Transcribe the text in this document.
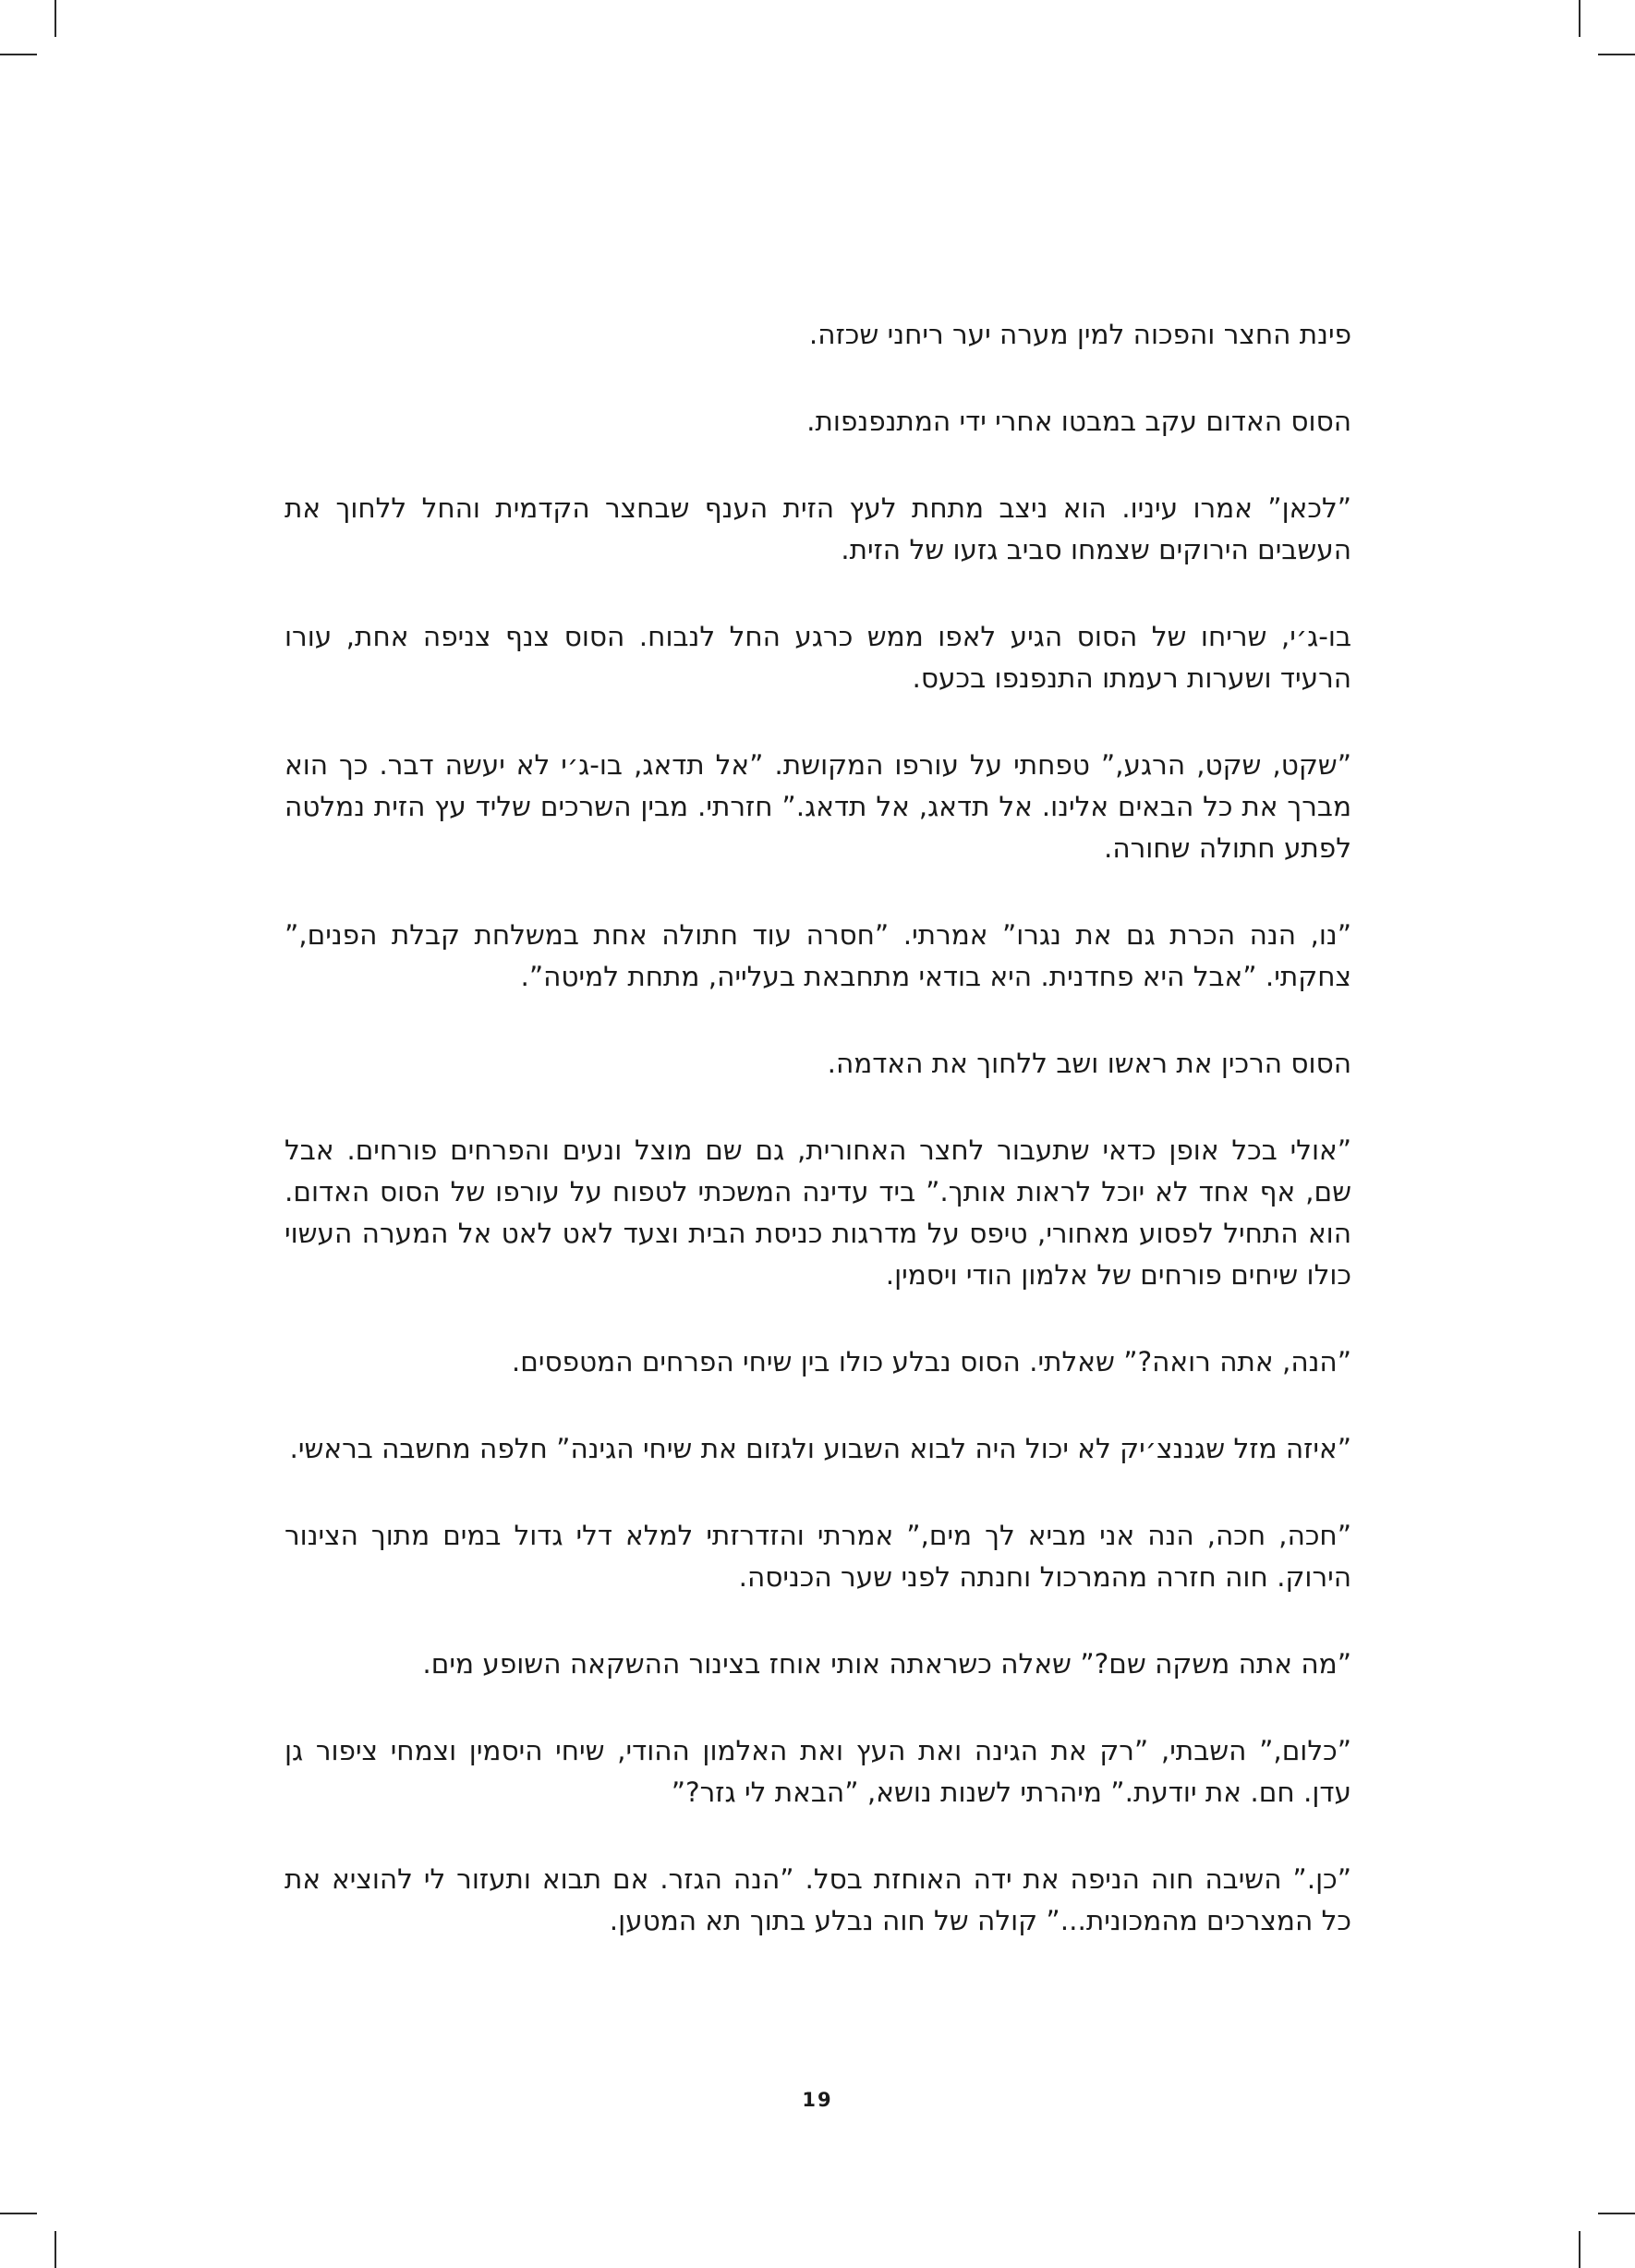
פינת החצר והפכוה למין מערה יער ריחני שכזה.

הסוס האדום עקב במבטו אחרי ידי המתנפנפות.

”לכאן” אמרו עיניו. הוא ניצב מתחת לעץ הזית הענף שבחצר הקדמית והחל ללחוך את העשבים הירוקים שצמחו סביב גזעו של הזית.

בו-ג׳י, שריחו של הסוס הגיע לאפו ממש כרגע החל לנבוח. הסוס צנף צניפה אחת, עורו הרעיד ושערות רעמתו התנפנפו בכעס.

”שקט, שקט, הרגע,” טפחתי על עורפו המקושת. ”אל תדאג, בו-ג׳י לא יעשה דבר. כך הוא מברך את כל הבאים אלינו. אל תדאג, אל תדאג.” חזרתי. מבין השרכים שליד עץ הזית נמלטה לפתע חתולה שחורה.

”נו, הנה הכרת גם את נגרו” אמרתי. ”חסרה עוד חתולה אחת במשלחת קבלת הפנים,” צחקתי. ”אבל היא פחדנית. היא בודאי מתחבאת בעלייה, מתחת למיטה”.

הסוס הרכין את ראשו ושב ללחוך את האדמה.

”אולי בכל אופן כדאי שתעבור לחצר האחורית, גם שם מוצל ונעים והפרחים פורחים. אבל שם, אף אחד לא יוכל לראות אותך.” ביד עדינה המשכתי לטפוח על עורפו של הסוס האדום. הוא התחיל לפסוע מאחורי, טיפס על מדרגות כניסת הבית וצעד לאט לאט אל המערה העשוי כולו שיחים פורחים של אלמון הודי ויסמין.

”הנה, אתה רואה?” שאלתי. הסוס נבלע כולו בין שיחי הפרחים המטפסים.

”איזה מזל שגננצ׳יק לא יכול היה לבוא השבוע ולגזום את שיחי הגינה” חלפה מחשבה בראשי.

”חכה, חכה, הנה אני מביא לך מים,” אמרתי והזדרזתי למלא דלי גדול במים מתוך הצינור הירוק. חוה חזרה מהמרכול וחנתה לפני שער הכניסה.

”מה אתה משקה שם?” שאלה כשראתה אותי אוחז בצינור ההשקאה השופע מים.

”כלום,” השבתי, ”רק את הגינה ואת העץ ואת האלמון ההודי, שיחי היסמין וצמחי ציפור גן עדן. חם. את יודעת.” מיהרתי לשנות נושא, ”הבאת לי גזר?”

”כן.” השיבה חוה הניפה את ידה האוחזת בסל. ”הנה הגזר. אם תבוא ותעזור לי להוציא את כל המצרכים מהמכונית...” קולה של חוה נבלע בתוך תא המטען.

19
